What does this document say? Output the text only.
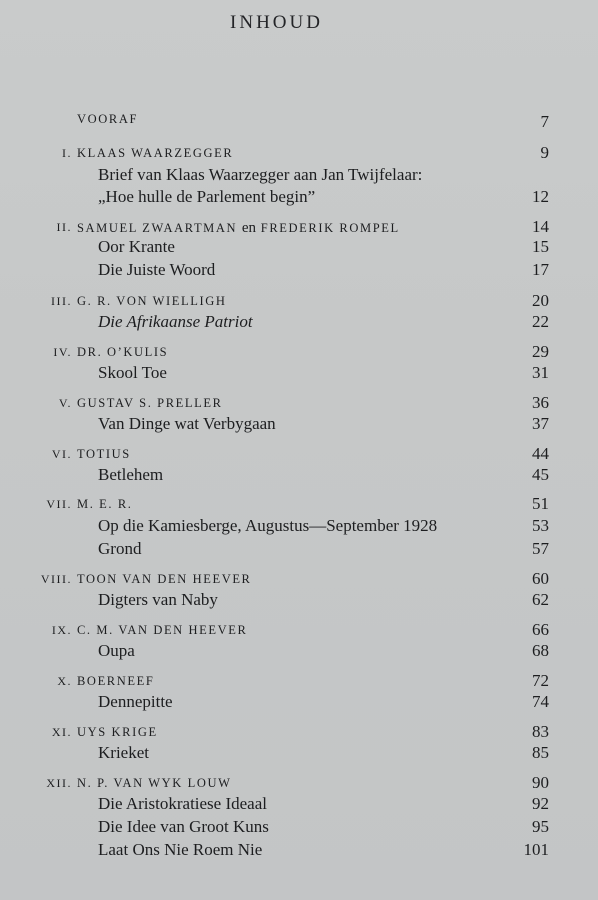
INHOUD
VOORAF	7
I. KLAAS WAARZEGGER	9
Brief van Klaas Waarzegger aan Jan Twijfelaar:
„Hoe hulle de Parlement begin”	12
II. SAMUEL ZWAARTMAN en FREDERIK ROMPEL	14
Oor Krante	15
Die Juiste Woord	17
III. G. R. VON WIELLIGH	20
Die Afrikaanse Patriot	22
IV. DR. O’KULIS	29
Skool Toe	31
V. GUSTAV S. PRELLER	36
Van Dinge wat Verbygaan	37
VI. TOTIUS	44
Betlehem	45
VII. M. E. R.	51
Op die Kamiesberge, Augustus—September 1928	53
Grond	57
VIII. TOON VAN DEN HEEVER	60
Digters van Naby	62
IX. C. M. VAN DEN HEEVER	66
Oupa	68
X. BOERNEEF	72
Dennepitte	74
XI. UYS KRIGE	83
Krieket	85
XII. N. P. VAN WYK LOUW	90
Die Aristokratiese Ideaal	92
Die Idee van Groot Kuns	95
Laat Ons Nie Roem Nie	101
